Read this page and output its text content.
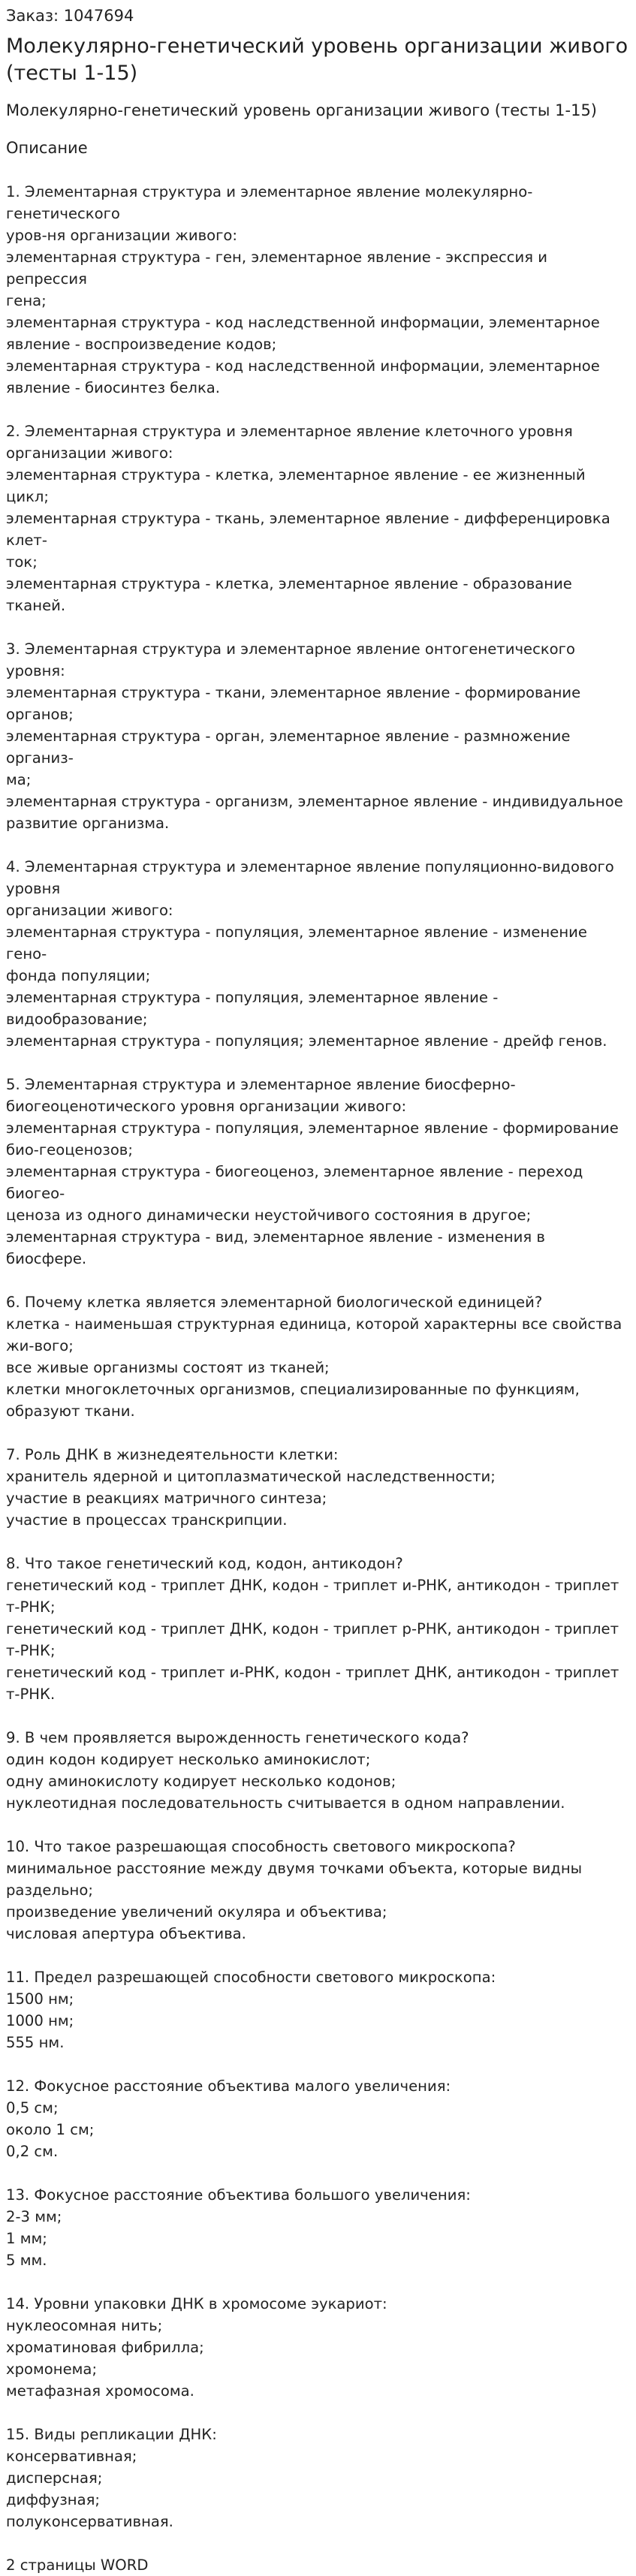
Заказ: 1047694

Молекулярно-генетический уровень организации живого (тесты 1-15)

Молекулярно-генетический уровень организации живого (тесты 1-15)

Описание

1. Элементарная структура и элементарное явление молекулярно-генетического
уров-ня организации живого:
элементарная структура - ген, элементарное явление - экспрессия и репрессия
гена;
элементарная структура - код наследственной информации, элементарное
явление - воспроизведение кодов;
элементарная структура - код наследственной информации, элементарное
явление - биосинтез белка.

2. Элементарная структура и элементарное явление клеточного уровня
организации живого:
элементарная структура - клетка, элементарное явление - ее жизненный цикл;
элементарная структура - ткань, элементарное явление - дифференцировка клет-
ток;
элементарная структура - клетка, элементарное явление - образование тканей.

3. Элементарная структура и элементарное явление онтогенетического уровня:
элементарная структура - ткани, элементарное явление - формирование
органов;
элементарная структура - орган, элементарное явление - размножение организ-
ма;
элементарная структура - организм, элементарное явление - индивидуальное
развитие организма.

4. Элементарная структура и элементарное явление популяционно-видового
уровня
организации живого:
элементарная структура - популяция, элементарное явление - изменение гено-
фонда популяции;
элементарная структура - популяция, элементарное явление - видообразование;
элементарная структура - популяция; элементарное явление - дрейф генов.

5. Элементарная структура и элементарное явление биосферно-
биогеоценотического уровня организации живого:
элементарная структура - популяция, элементарное явление - формирование
био-геоценозов;
элементарная структура - биогеоценоз, элементарное явление - переход биогео-
ценоза из одного динамически неустойчивого состояния в другое;
элементарная структура - вид, элементарное явление - изменения в биосфере.

6. Почему клетка является элементарной биологической единицей?
клетка - наименьшая структурная единица, которой характерны все свойства
жи-вого;
все живые организмы состоят из тканей;
клетки многоклеточных организмов, специализированные по функциям,
образуют ткани.

7. Роль ДНК в жизнедеятельности клетки:
хранитель ядерной и цитоплазматической наследственности;
участие в реакциях матричного синтеза;
участие в процессах транскрипции.

8. Что такое генетический код, кодон, антикодон?
генетический код - триплет ДНК, кодон - триплет и-РНК, антикодон - триплет
т-РНК;
генетический код - триплет ДНК, кодон - триплет р-РНК, антикодон - триплет
т-РНК;
генетический код - триплет и-РНК, кодон - триплет ДНК, антикодон - триплет
т-РНК.

9. В чем проявляется вырожденность генетического кода?
один кодон кодирует несколько аминокислот;
одну аминокислоту кодирует несколько кодонов;
нуклеотидная последовательность считывается в одном направлении.

10. Что такое разрешающая способность светового микроскопа?
минимальное расстояние между двумя точками объекта, которые видны
раздельно;
произведение увеличений окуляра и объектива;
числовая апертура объектива.

11. Предел разрешающей способности светового микроскопа:
1500 нм;
1000 нм;
555 нм.

12. Фокусное расстояние объектива малого увеличения:
0,5 см;
около 1 см;
0,2 см.

13. Фокусное расстояние объектива большого увеличения:
2-3 мм;
1 мм;
5 мм.

14. Уровни упаковки ДНК в хромосоме эукариот:
нуклеосомная нить;
хроматиновая фибрилла;
хромонема;
метафазная хромосома.

15. Виды репликации ДНК:
консервативная;
дисперсная;
диффузная;
полуконсервативная.

2 страницы WORD
